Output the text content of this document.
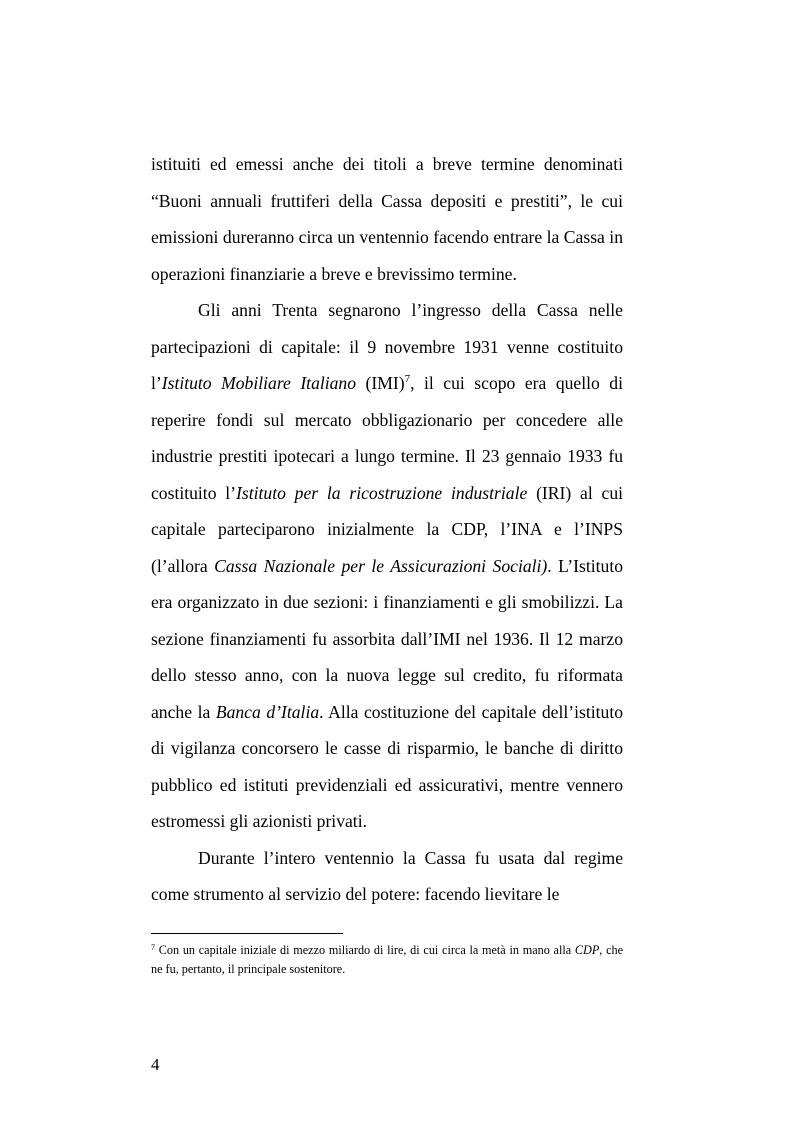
istituiti ed emessi anche dei titoli a breve termine denominati “Buoni annuali fruttiferi della Cassa depositi e prestiti”, le cui emissioni dureranno circa un ventennio facendo entrare la Cassa in operazioni finanziarie a breve e brevissimo termine.

Gli anni Trenta segnarono l’ingresso della Cassa nelle partecipazioni di capitale: il 9 novembre 1931 venne costituito l’Istituto Mobiliare Italiano (IMI)$^7$, il cui scopo era quello di reperire fondi sul mercato obbligazionario per concedere alle industrie prestiti ipotecari a lungo termine. Il 23 gennaio 1933 fu costituito l’Istituto per la ricostruzione industriale (IRI) al cui capitale parteciparono inizialmente la CDP, l’INA e l’INPS (l’allora Cassa Nazionale per le Assicurazioni Sociali). L’Istituto era organizzato in due sezioni: i finanziamenti e gli smobilizzi. La sezione finanziamenti fu assorbita dall’IMI nel 1936. Il 12 marzo dello stesso anno, con la nuova legge sul credito, fu riformata anche la Banca d’Italia. Alla costituzione del capitale dell’istituto di vigilanza concorsero le casse di risparmio, le banche di diritto pubblico ed istituti previdenziali ed assicurativi, mentre vennero estromessi gli azionisti privati.

Durante l’intero ventennio la Cassa fu usata dal regime come strumento al servizio del potere: facendo lievitare le

$^7$ Con un capitale iniziale di mezzo miliardo di lire, di cui circa la metà in mano alla CDP, che ne fu, pertanto, il principale sostenitore.

4
